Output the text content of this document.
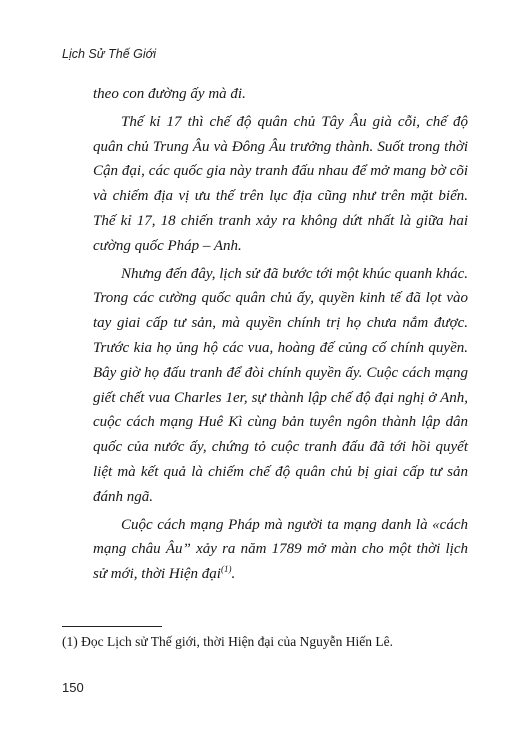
Lịch Sử Thế Giới

theo con đường ấy mà đi.

Thế kỉ 17 thì chế độ quân chủ Tây Âu già cỗi, chế độ quân chủ Trung Âu và Đông Âu trưởng thành. Suốt trong thời Cận đại, các quốc gia này tranh đấu nhau để mở mang bờ cõi và chiếm địa vị ưu thế trên lục địa cũng như trên mặt biển. Thế kỉ 17, 18 chiến tranh xảy ra không dứt nhất là giữa hai cường quốc Pháp – Anh.

Nhưng đến đây, lịch sử đã bước tới một khúc quanh khác. Trong các cường quốc quân chủ ấy, quyền kinh tế đã lọt vào tay giai cấp tư sản, mà quyền chính trị họ chưa nắm được. Trước kia họ ủng hộ các vua, hoàng đế củng cố chính quyền. Bây giờ họ đấu tranh để đòi chính quyền ấy. Cuộc cách mạng giết chết vua Charles 1er, sự thành lập chế độ đại nghị ở Anh, cuộc cách mạng Huê Kì cùng bản tuyên ngôn thành lập dân quốc của nước ấy, chứng tỏ cuộc tranh đấu đã tới hồi quyết liệt mà kết quả là chiếm chế độ quân chủ bị giai cấp tư sản đánh ngã.

Cuộc cách mạng Pháp mà người ta mạng danh là «cách mạng châu Âu” xảy ra năm 1789 mở màn cho một thời lịch sử mới, thời Hiện đại$^{(1)}$.

(1) Đọc Lịch sử Thế giới, thời Hiện đại của Nguyễn Hiến Lê.
150
